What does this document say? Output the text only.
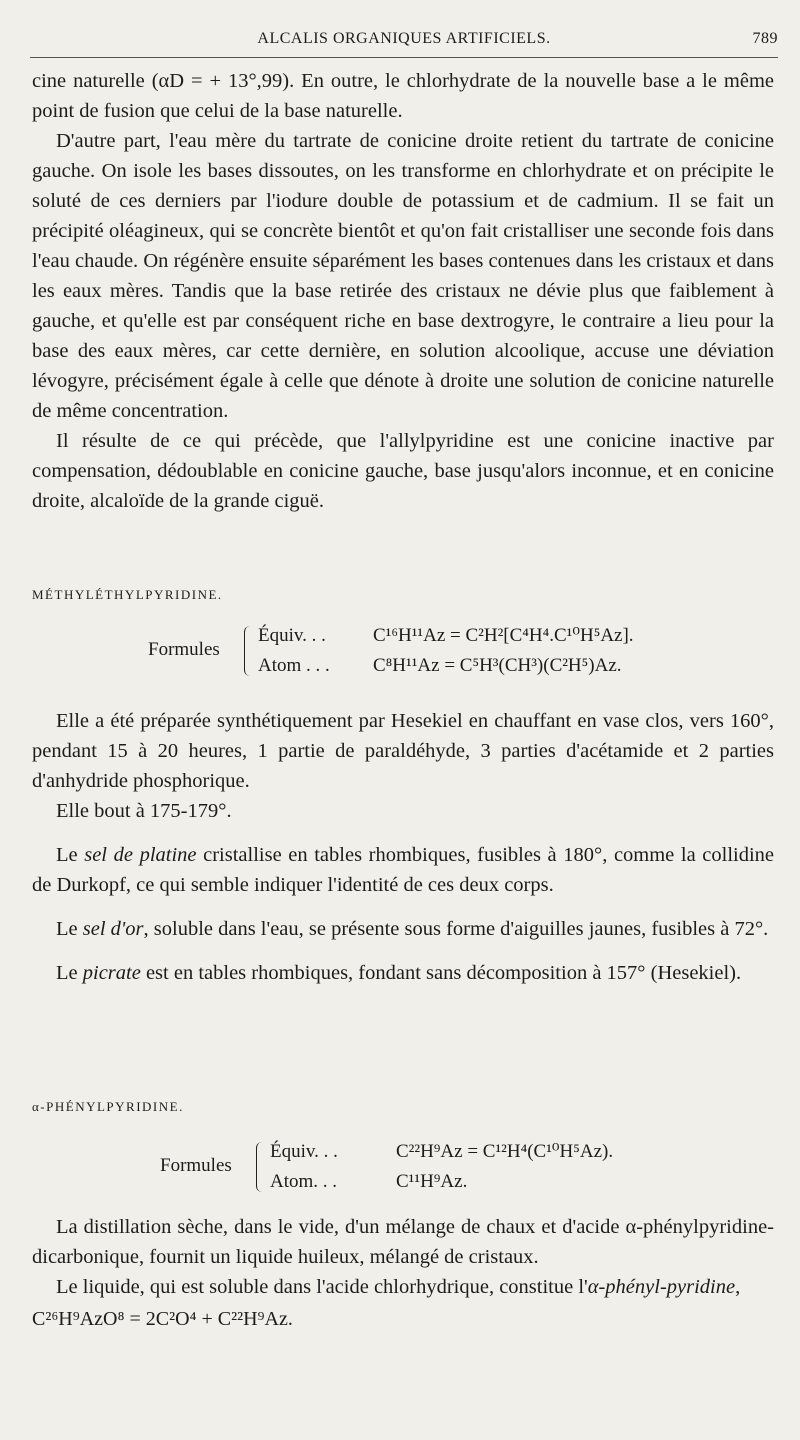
ALCALIS ORGANIQUES ARTIFICIELS.	789

cine naturelle (αD = + 13°,99). En outre, le chlorhydrate de la nouvelle base a le même point de fusion que celui de la base naturelle.

D'autre part, l'eau mère du tartrate de conicine droite retient du tartrate de conicine gauche. On isole les bases dissoutes, on les transforme en chlorhydrate et on précipite le soluté de ces derniers par l'iodure double de potassium et de cadmium. Il se fait un précipité oléagineux, qui se concrète bientôt et qu'on fait cristalliser une seconde fois dans l'eau chaude. On régénère ensuite séparément les bases contenues dans les cristaux et dans les eaux mères. Tandis que la base retirée des cristaux ne dévie plus que faiblement à gauche, et qu'elle est par conséquent riche en base dextrogyre, le contraire a lieu pour la base des eaux mères, car cette dernière, en solution alcoolique, accuse une déviation lévogyre, précisément égale à celle que dénote à droite une solution de conicine naturelle de même concentration.

Il résulte de ce qui précède, que l'allylpyridine est une conicine inactive par compensation, dédoublable en conicine gauche, base jusqu'alors inconnue, et en conicine droite, alcaloïde de la grande ciguë.

MÉTHYLÉTHYLPYRIDINE.

Formules
Équiv. . . C¹⁶H¹¹Az = C²H²[C⁴H⁴.C¹⁰H⁵Az].
Atom . . . C⁸H¹¹Az = C⁵H³(CH³)(C²H⁵)Az.

Elle a été préparée synthétiquement par Hesekiel en chauffant en vase clos, vers 160°, pendant 15 à 20 heures, 1 partie de paraldéhyde, 3 parties d'acétamide et 2 parties d'anhydride phosphorique.

Elle bout à 175-179°.

Le sel de platine cristallise en tables rhombiques, fusibles à 180°, comme la collidine de Durkopf, ce qui semble indiquer l'identité de ces deux corps.

Le sel d'or, soluble dans l'eau, se présente sous forme d'aiguilles jaunes, fusibles à 72°.

Le picrate est en tables rhombiques, fondant sans décomposition à 157° (Hesekiel).

α-PHÉNYLPYRIDINE.

Formules
Équiv. . .	C²²H⁹Az = C¹²H⁴(C¹⁰H⁵Az).
Atom. . .	C¹¹H⁹Az.

La distillation sèche, dans le vide, d'un mélange de chaux et d'acide α-phénylpyridine-dicarbonique, fournit un liquide huileux, mélangé de cristaux.

Le liquide, qui est soluble dans l'acide chlorhydrique, constitue l'α-phényl-pyridine,

C²⁶H⁹AzO⁸ = 2C²O⁴ + C²²H⁹Az.
